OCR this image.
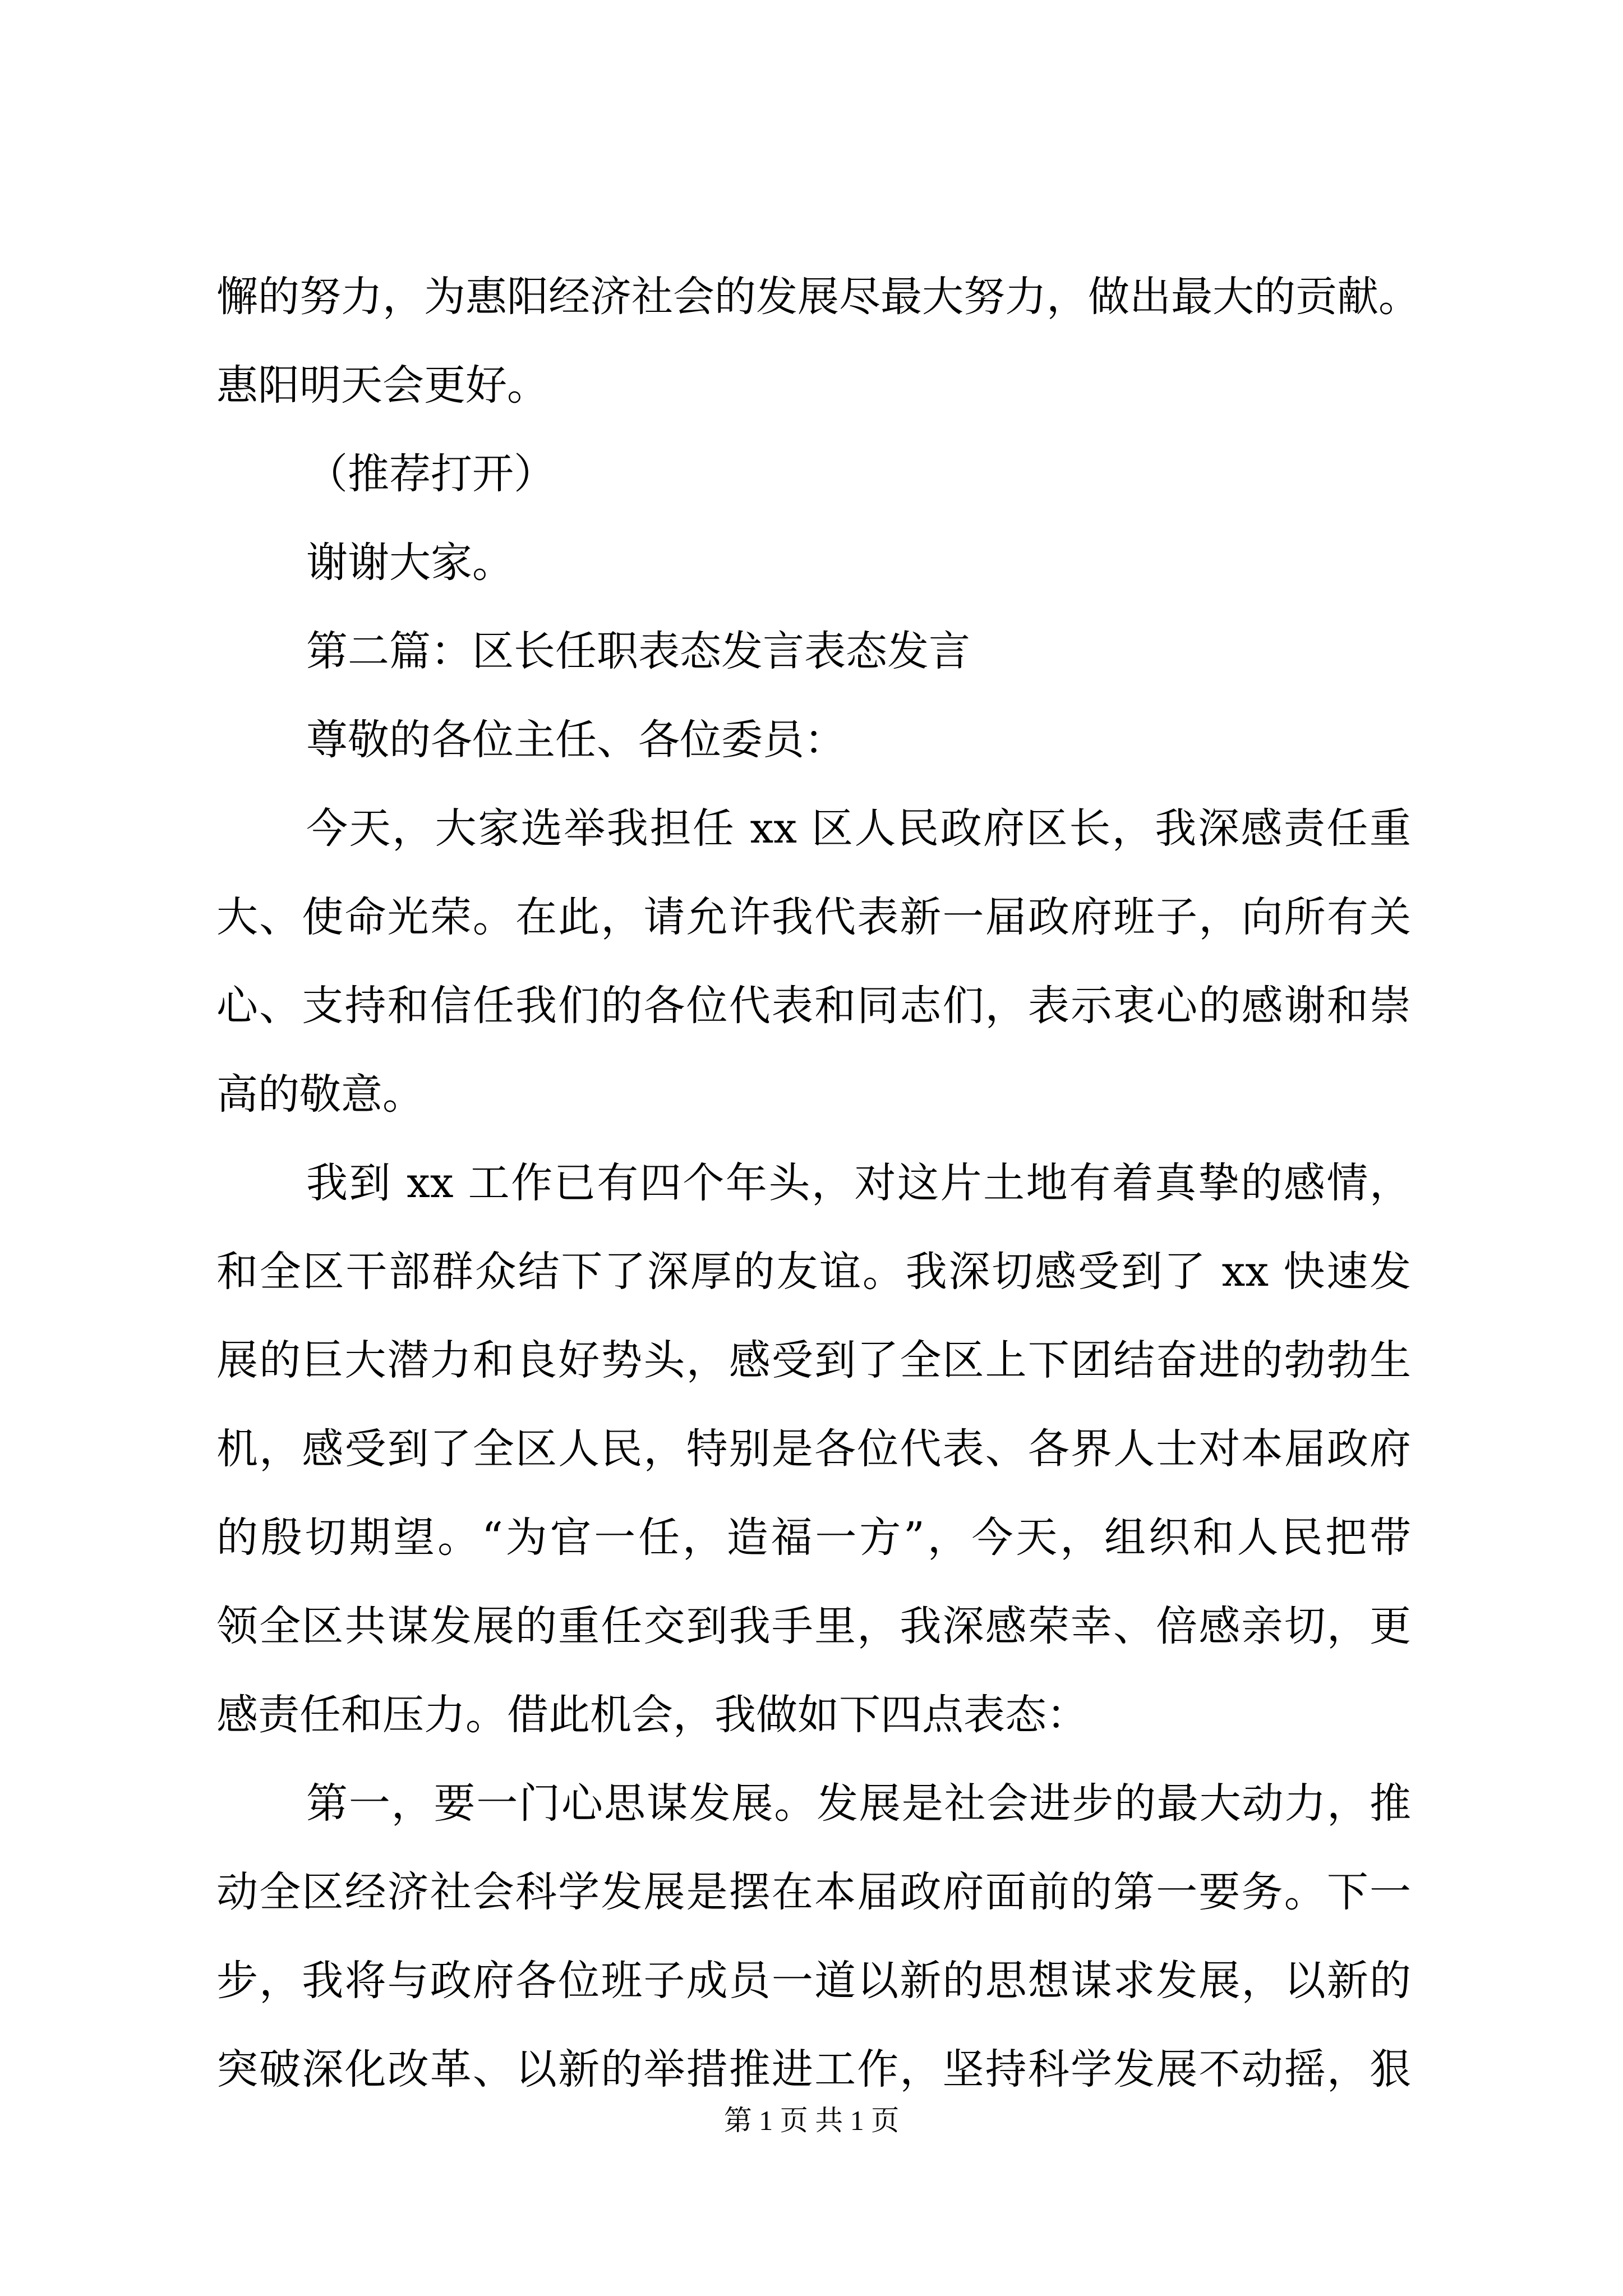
懈的努力，为惠阳经济社会的发展尽最大努力，做出最大的贡献。
惠阳明天会更好。
（推荐打开）
谢谢大家。
第二篇：区长任职表态发言表态发言
尊敬的各位主任、各位委员：
今天，大家选举我担任 xx 区人民政府区长，我深感责任重
大、使命光荣。在此，请允许我代表新一届政府班子，向所有关
心、支持和信任我们的各位代表和同志们，表示衷心的感谢和崇
高的敬意。
我到 xx 工作已有四个年头，对这片土地有着真挚的感情，
和全区干部群众结下了深厚的友谊。我深切感受到了 xx 快速发
展的巨大潜力和良好势头，感受到了全区上下团结奋进的勃勃生
机，感受到了全区人民，特别是各位代表、各界人士对本届政府
的殷切期望。“为官一任，造福一方”，今天，组织和人民把带
领全区共谋发展的重任交到我手里，我深感荣幸、倍感亲切，更
感责任和压力。借此机会，我做如下四点表态：
第一，要一门心思谋发展。发展是社会进步的最大动力，推
动全区经济社会科学发展是摆在本届政府面前的第一要务。下一
步，我将与政府各位班子成员一道以新的思想谋求发展，以新的
突破深化改革、以新的举措推进工作，坚持科学发展不动摇，狠
第 1 页 共 1 页
